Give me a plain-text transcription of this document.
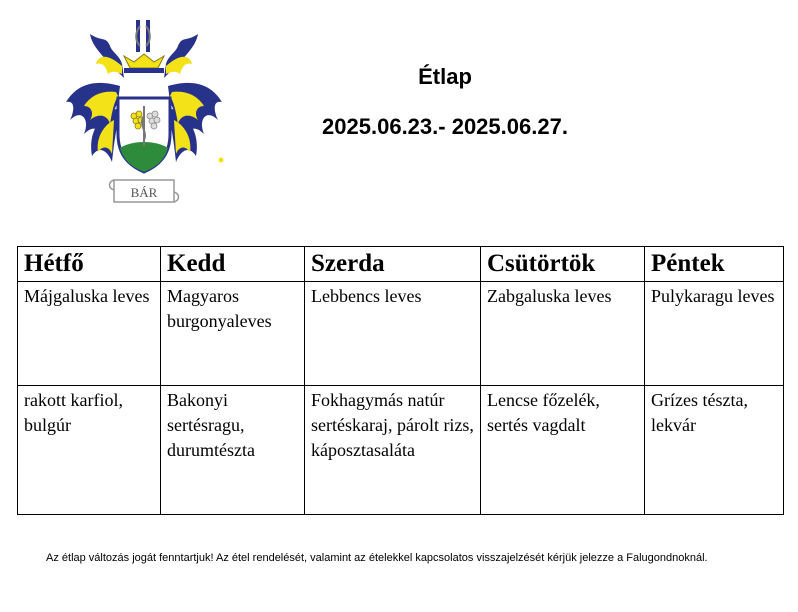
BÁR
Étlap
2025.06.23.- 2025.06.27.
Hétfő	Kedd	Szerda	Csütörtök	Péntek
Májgaluska leves	Magyaros burgonyaleves	Lebbencs leves	Zabgaluska leves	Pulykaragu leves
rakott karfiol, bulgúr	Bakonyi sertésragu, durumtészta	Fokhagymás natúr sertéskaraj, párolt rizs, káposztasaláta	Lencse főzelék, sertés vagdalt	Grízes tészta, lekvár
Az étlap változás jogát fenntartjuk! Az étel rendelését, valamint az ételekkel kapcsolatos visszajelzését kérjük jelezze a Falugondnoknál.
